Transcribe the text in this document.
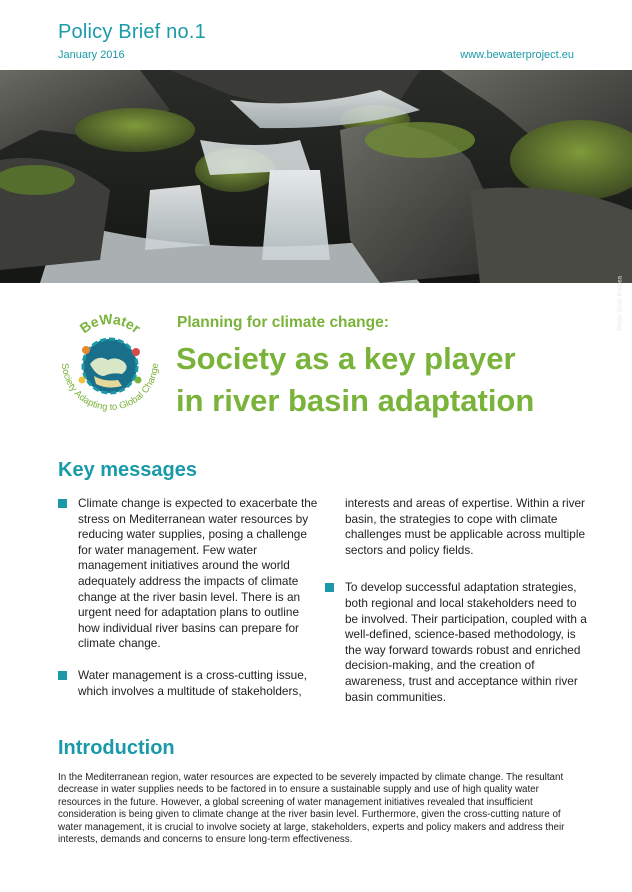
Policy Brief no.1
January 2016	www.bewaterproject.eu
Photo: Enric Badosa
BeWater
Society Adapting to Global Change
Planning for climate change:
Society as a key player
in river basin adaptation
Key messages
Climate change is expected to exacerbate the stress on Mediterranean water resources by reducing water supplies, posing a challenge for water management. Few water management initiatives around the world adequately address the impacts of climate change at the river basin level. There is an urgent need for adaptation plans to outline how individual river basins can prepare for climate change.
Water management is a cross-cutting issue, which involves a multitude of stakeholders,
interests and areas of expertise. Within a river basin, the strategies to cope with climate challenges must be applicable across multiple sectors and policy fields.
To develop successful adaptation strategies, both regional and local stakeholders need to be involved. Their participation, coupled with a well-defined, science-based methodology, is the way forward towards robust and enriched decision-making, and the creation of awareness, trust and acceptance within river basin communities.
Introduction
In the Mediterranean region, water resources are expected to be severely impacted by climate change. The resultant decrease in water supplies needs to be factored in to ensure a sustainable supply and use of high quality water resources in the future. However, a global screening of water management initiatives revealed that insufficient consideration is being given to climate change at the river basin level. Furthermore, given the cross-cutting nature of water management, it is crucial to involve society at large, stakeholders, experts and policy makers and address their interests, demands and concerns to ensure long-term effectiveness.
